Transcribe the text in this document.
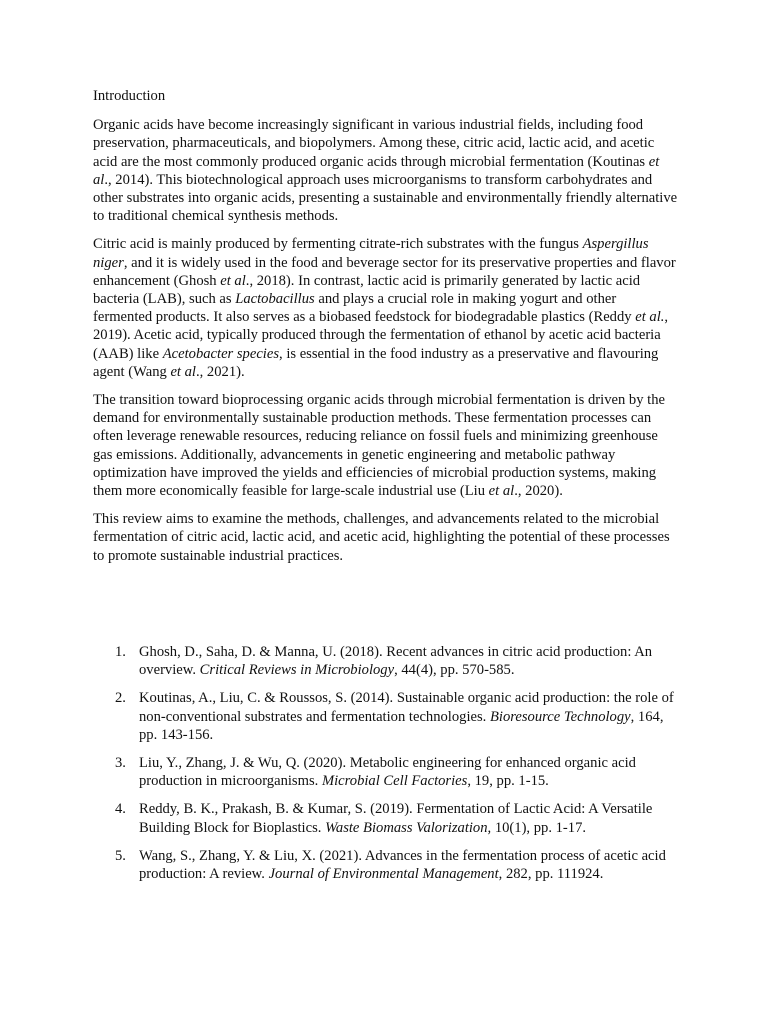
Introduction

Organic acids have become increasingly significant in various industrial fields, including food preservation, pharmaceuticals, and biopolymers. Among these, citric acid, lactic acid, and acetic acid are the most commonly produced organic acids through microbial fermentation (Koutinas et al., 2014). This biotechnological approach uses microorganisms to transform carbohydrates and other substrates into organic acids, presenting a sustainable and environmentally friendly alternative to traditional chemical synthesis methods.

Citric acid is mainly produced by fermenting citrate-rich substrates with the fungus Aspergillus niger, and it is widely used in the food and beverage sector for its preservative properties and flavor enhancement (Ghosh et al., 2018). In contrast, lactic acid is primarily generated by lactic acid bacteria (LAB), such as Lactobacillus and plays a crucial role in making yogurt and other fermented products. It also serves as a biobased feedstock for biodegradable plastics (Reddy et al., 2019). Acetic acid, typically produced through the fermentation of ethanol by acetic acid bacteria (AAB) like Acetobacter species, is essential in the food industry as a preservative and flavouring agent (Wang et al., 2021).

The transition toward bioprocessing organic acids through microbial fermentation is driven by the demand for environmentally sustainable production methods. These fermentation processes can often leverage renewable resources, reducing reliance on fossil fuels and minimizing greenhouse gas emissions. Additionally, advancements in genetic engineering and metabolic pathway optimization have improved the yields and efficiencies of microbial production systems, making them more economically feasible for large-scale industrial use (Liu et al., 2020).

This review aims to examine the methods, challenges, and advancements related to the microbial fermentation of citric acid, lactic acid, and acetic acid, highlighting the potential of these processes to promote sustainable industrial practices.

1. Ghosh, D., Saha, D. & Manna, U. (2018). Recent advances in citric acid production: An overview. Critical Reviews in Microbiology, 44(4), pp. 570-585.
2. Koutinas, A., Liu, C. & Roussos, S. (2014). Sustainable organic acid production: the role of non-conventional substrates and fermentation technologies. Bioresource Technology, 164, pp. 143-156.
3. Liu, Y., Zhang, J. & Wu, Q. (2020). Metabolic engineering for enhanced organic acid production in microorganisms. Microbial Cell Factories, 19, pp. 1-15.
4. Reddy, B. K., Prakash, B. & Kumar, S. (2019). Fermentation of Lactic Acid: A Versatile Building Block for Bioplastics. Waste Biomass Valorization, 10(1), pp. 1-17.
5. Wang, S., Zhang, Y. & Liu, X. (2021). Advances in the fermentation process of acetic acid production: A review. Journal of Environmental Management, 282, pp. 111924.
